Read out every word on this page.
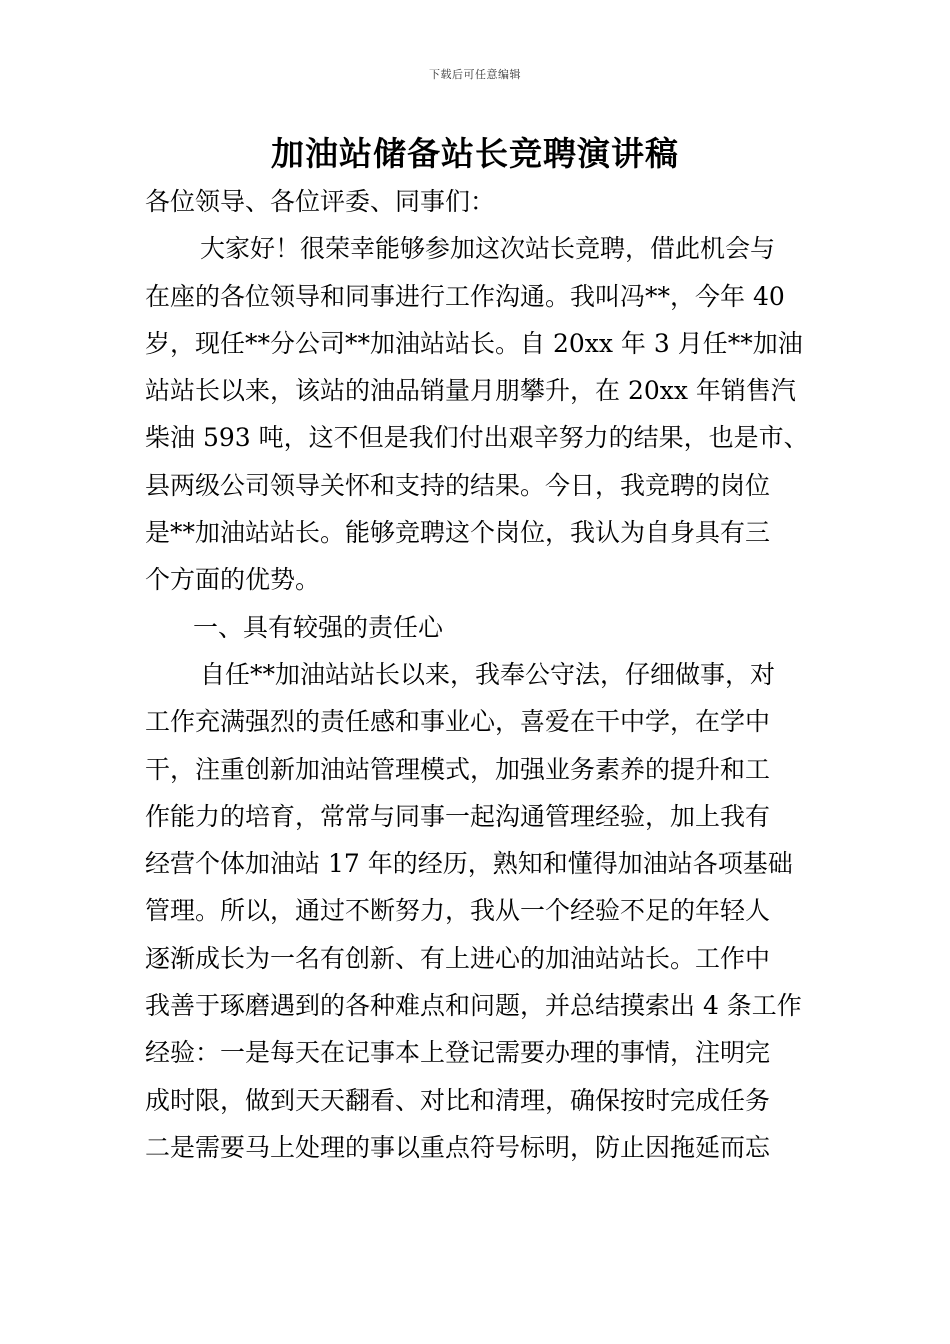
下载后可任意编辑
加油站储备站长竞聘演讲稿
各位领导、各位评委、同事们：
大家好！很荣幸能够参加这次站长竞聘，借此机会与
在座的各位领导和同事进行工作沟通。我叫冯**，今年 40
岁，现任**分公司**加油站站长。自 20xx 年 3 月任**加油
站站长以来，该站的油品销量月朋攀升，在 20xx 年销售汽
柴油 593 吨，这不但是我们付出艰辛努力的结果，也是市、
县两级公司领导关怀和支持的结果。今日，我竞聘的岗位
是**加油站站长。能够竞聘这个岗位，我认为自身具有三
个方面的优势。
一、具有较强的责任心
自任**加油站站长以来，我奉公守法，仔细做事，对
工作充满强烈的责任感和事业心，喜爱在干中学，在学中
干，注重创新加油站管理模式，加强业务素养的提升和工
作能力的培育，常常与同事一起沟通管理经验，加上我有
经营个体加油站 17 年的经历，熟知和懂得加油站各项基础
管理。所以，通过不断努力，我从一个经验不足的年轻人
逐渐成长为一名有创新、有上进心的加油站站长。工作中
我善于琢磨遇到的各种难点和问题，并总结摸索出 4 条工作
经验：一是每天在记事本上登记需要办理的事情，注明完
成时限，做到天天翻看、对比和清理，确保按时完成任务
二是需要马上处理的事以重点符号标明，防止因拖延而忘
